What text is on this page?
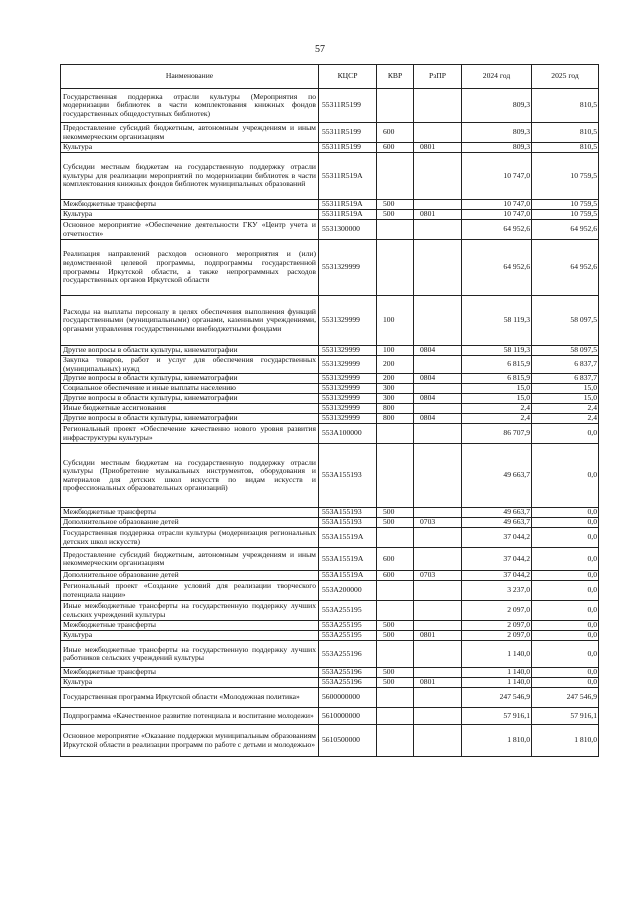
57
Наименование	КЦСР	КВР	РзПР	2024 год	2025 год
Государственная поддержка отрасли культуры (Мероприятия по модернизации библиотек в части комплектования книжных фондов государственных общедоступных библиотек)	55311R5199			809,3	810,5
Предоставление субсидий бюджетным, автономным учреждениям и иным некоммерческим организациям	55311R5199	600		809,3	810,5
Культура	55311R5199	600	0801	809,3	810,5
Субсидии местным бюджетам на государственную поддержку отрасли культуры для реализации мероприятий по модернизации библиотек в части комплектования книжных фондов библиотек муниципальных образований	55311R519A			10 747,0	10 759,5
Межбюджетные трансферты	55311R519A	500		10 747,0	10 759,5
Культура	55311R519A	500	0801	10 747,0	10 759,5
Основное мероприятие «Обеспечение деятельности ГКУ «Центр учета и отчетности»	5531300000			64 952,6	64 952,6
Реализация направлений расходов основного мероприятия и (или) ведомственной целевой программы, подпрограммы государственной программы Иркутской области, а также непрограммных расходов государственных органов Иркутской области	5531329999			64 952,6	64 952,6
Расходы на выплаты персоналу в целях обеспечения выполнения функций государственными (муниципальными) органами, казенными учреждениями, органами управления государственными внебюджетными фондами	5531329999	100		58 119,3	58 097,5
Другие вопросы в области культуры, кинематографии	5531329999	100	0804	58 119,3	58 097,5
Закупка товаров, работ и услуг для обеспечения государственных (муниципальных) нужд	5531329999	200		6 815,9	6 837,7
Другие вопросы в области культуры, кинематографии	5531329999	200	0804	6 815,9	6 837,7
Социальное обеспечение и иные выплаты населению	5531329999	300		15,0	15,0
Другие вопросы в области культуры, кинематографии	5531329999	300	0804	15,0	15,0
Иные бюджетные ассигнования	5531329999	800		2,4	2,4
Другие вопросы в области культуры, кинематографии	5531329999	800	0804	2,4	2,4
Региональный проект «Обеспечение качественно нового уровня развития инфраструктуры культуры»	553A100000			86 707,9	0,0
Субсидии местным бюджетам на государственную поддержку отрасли культуры (Приобретение музыкальных инструментов, оборудования и материалов для детских школ искусств по видам искусств и профессиональных образовательных организаций)	553A155193			49 663,7	0,0
Межбюджетные трансферты	553A155193	500		49 663,7	0,0
Дополнительное образование детей	553A155193	500	0703	49 663,7	0,0
Государственная поддержка отрасли культуры (модернизация региональных детских школ искусств)	553A15519A			37 044,2	0,0
Предоставление субсидий бюджетным, автономным учреждениям и иным некоммерческим организациям	553A15519A	600		37 044,2	0,0
Дополнительное образование детей	553A15519A	600	0703	37 044,2	0,0
Региональный проект «Создание условий для реализации творческого потенциала нации»	553A200000			3 237,0	0,0
Иные межбюджетные трансферты на государственную поддержку лучших сельских учреждений культуры	553A255195			2 097,0	0,0
Межбюджетные трансферты	553A255195	500		2 097,0	0,0
Культура	553A255195	500	0801	2 097,0	0,0
Иные межбюджетные трансферты на государственную поддержку лучших работников сельских учреждений культуры	553A255196			1 140,0	0,0
Межбюджетные трансферты	553A255196	500		1 140,0	0,0
Культура	553A255196	500	0801	1 140,0	0,0
Государственная программа Иркутской области «Молодежная политика»	5600000000			247 546,9	247 546,9
Подпрограмма «Качественное развитие потенциала и воспитание молодежи»	5610000000			57 916,1	57 916,1
Основное мероприятие «Оказание поддержки муниципальным образованиям Иркутской области в реализации программ по работе с детьми и молодежью»	5610500000			1 810,0	1 810,0
